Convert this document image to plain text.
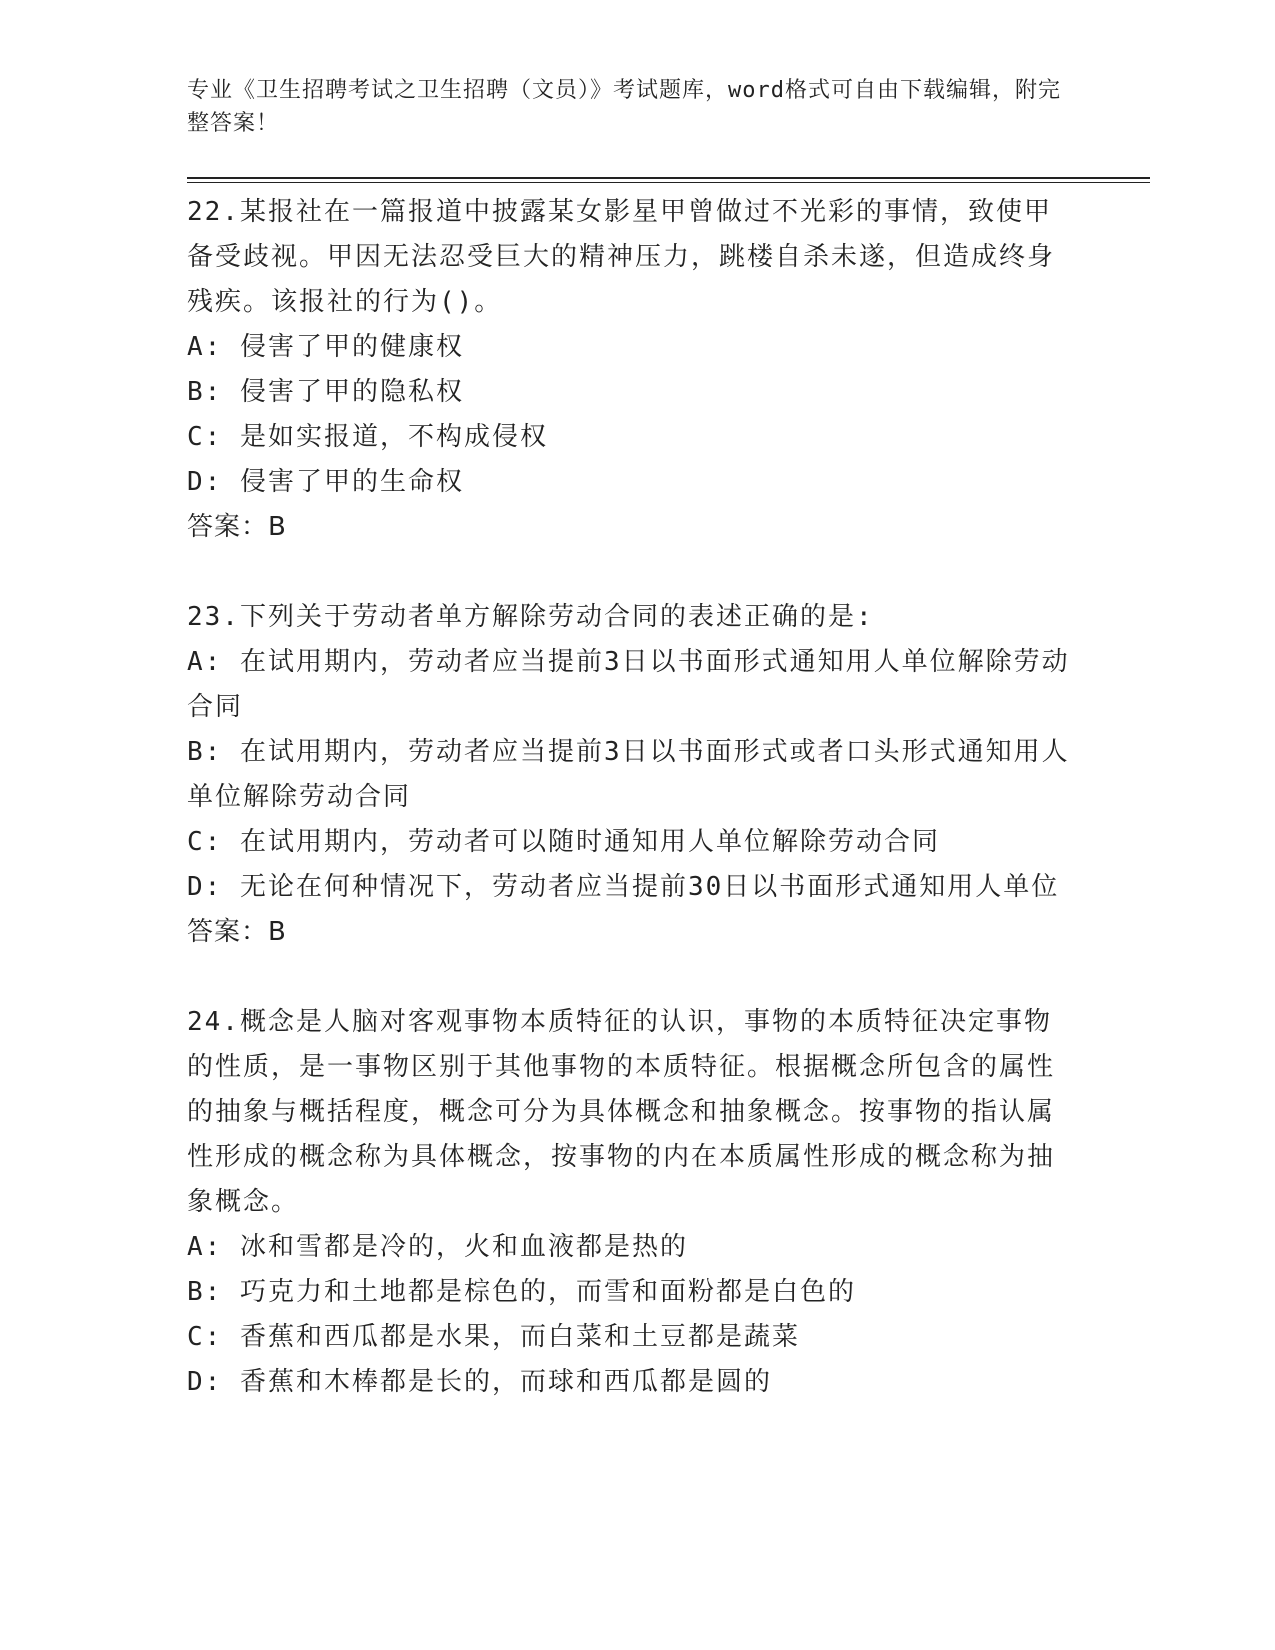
专业《卫生招聘考试之卫生招聘（文员）》考试题库，word格式可自由下载编辑，附完整答案！

22.某报社在一篇报道中披露某女影星甲曾做过不光彩的事情，致使甲备受歧视。甲因无法忍受巨大的精神压力，跳楼自杀未遂，但造成终身残疾。该报社的行为()。

A: 侵害了甲的健康权

B: 侵害了甲的隐私权

C: 是如实报道，不构成侵权

D: 侵害了甲的生命权

答案：B

23.下列关于劳动者单方解除劳动合同的表述正确的是:

A: 在试用期内，劳动者应当提前3日以书面形式通知用人单位解除劳动合同

B: 在试用期内，劳动者应当提前3日以书面形式或者口头形式通知用人单位解除劳动合同

C: 在试用期内，劳动者可以随时通知用人单位解除劳动合同

D: 无论在何种情况下，劳动者应当提前30日以书面形式通知用人单位

答案：B

24.概念是人脑对客观事物本质特征的认识，事物的本质特征决定事物的性质，是一事物区别于其他事物的本质特征。根据概念所包含的属性的抽象与概括程度，概念可分为具体概念和抽象概念。按事物的指认属性形成的概念称为具体概念，按事物的内在本质属性形成的概念称为抽象概念。

A: 冰和雪都是冷的，火和血液都是热的

B: 巧克力和土地都是棕色的，而雪和面粉都是白色的

C: 香蕉和西瓜都是水果，而白菜和土豆都是蔬菜

D: 香蕉和木棒都是长的，而球和西瓜都是圆的
